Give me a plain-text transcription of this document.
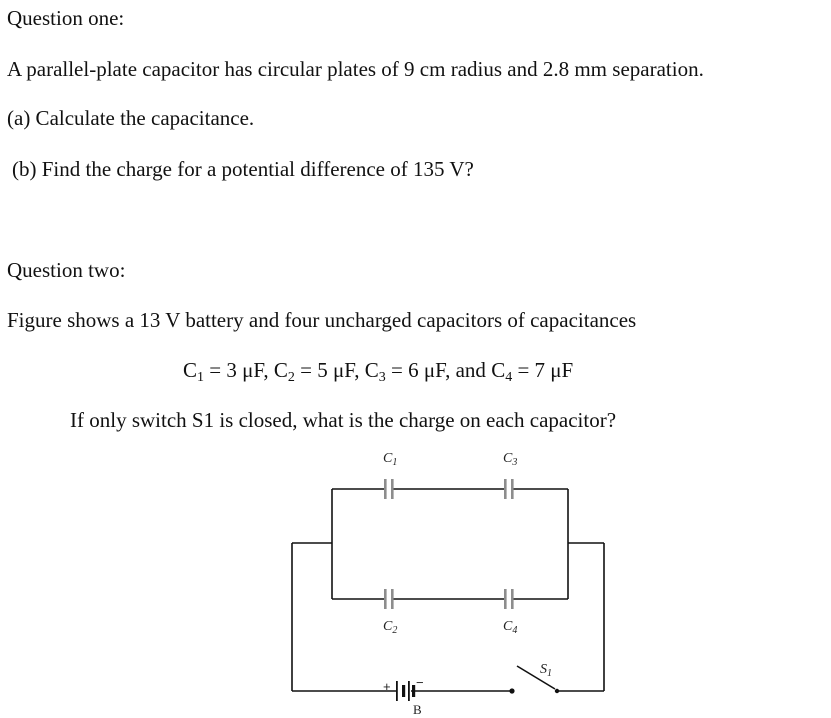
Question one:
A parallel-plate capacitor has circular plates of 9 cm radius and 2.8 mm separation.
(a) Calculate the capacitance.
(b) Find the charge for a potential difference of 135 V?
Question two:
Figure shows a 13 V battery and four uncharged capacitors of capacitances
$C_1 = 3$ μF, $C_2 = 5$ μF, $C_3 = 6$ μF, and $C_4 = 7$ μF
If only switch S1 is closed, what is the charge on each capacitor?
$C_1$	$C_3$
$C_2$	$C_4$
$S_1$
+ −
B
